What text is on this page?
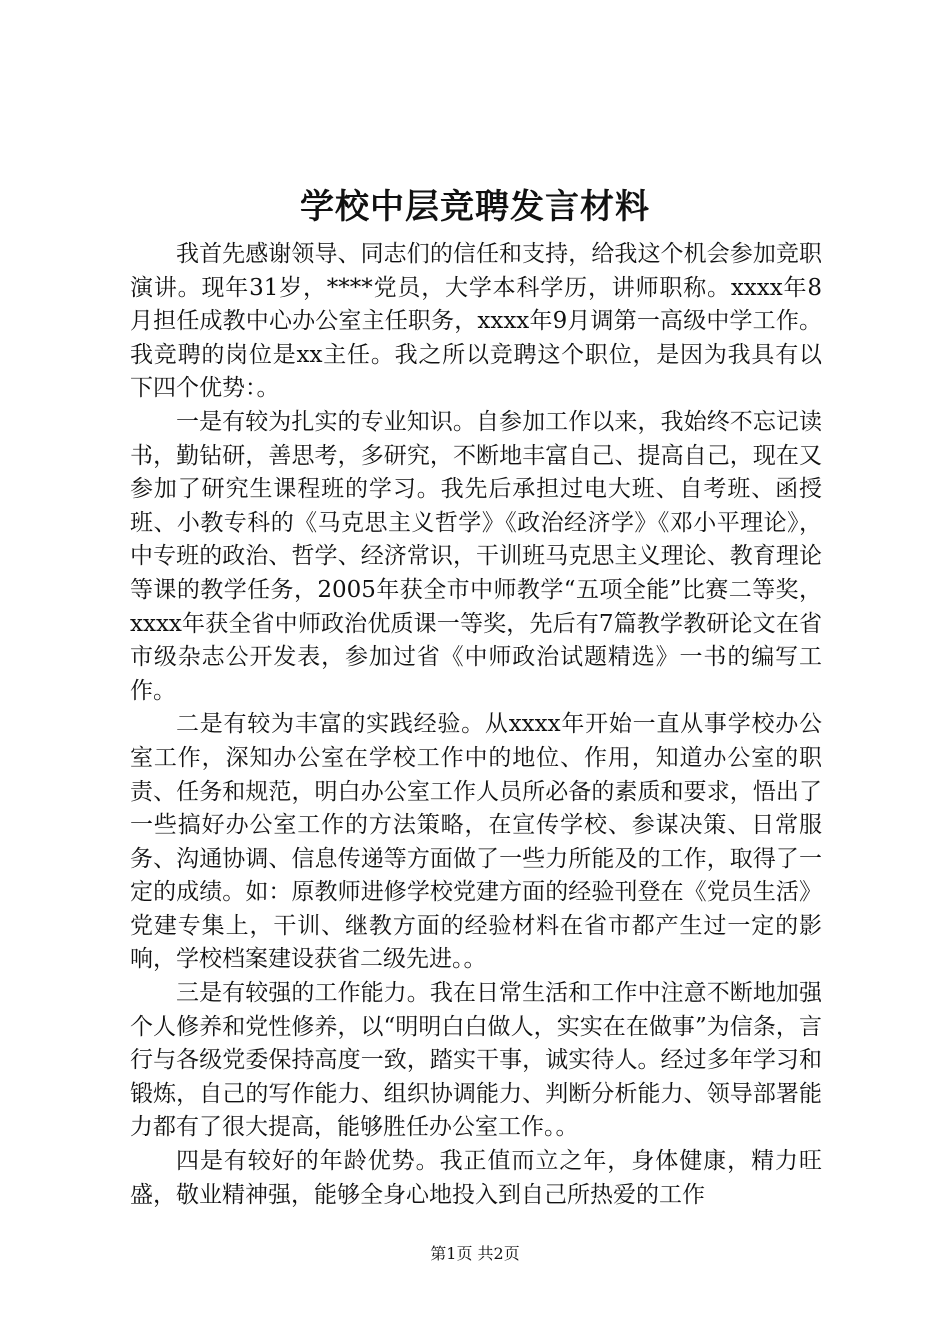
学校中层竞聘发言材料

我首先感谢领导、同志们的信任和支持，给我这个机会参加竞职演讲。现年31岁，****党员，大学本科学历，讲师职称。xxxx年8月担任成教中心办公室主任职务，xxxx年9月调第一高级中学工作。我竞聘的岗位是xx主任。我之所以竞聘这个职位，是因为我具有以下四个优势：。

一是有较为扎实的专业知识。自参加工作以来，我始终不忘记读书，勤钻研，善思考，多研究，不断地丰富自己、提高自己，现在又参加了研究生课程班的学习。我先后承担过电大班、自考班、函授班、小教专科的《马克思主义哲学》《政治经济学》《邓小平理论》，中专班的政治、哲学、经济常识，干训班马克思主义理论、教育理论等课的教学任务，2005年获全市中师教学“五项全能”比赛二等奖，xxxx年获全省中师政治优质课一等奖，先后有7篇教学教研论文在省市级杂志公开发表，参加过省《中师政治试题精选》一书的编写工作。

二是有较为丰富的实践经验。从xxxx年开始一直从事学校办公室工作，深知办公室在学校工作中的地位、作用，知道办公室的职责、任务和规范，明白办公室工作人员所必备的素质和要求，悟出了一些搞好办公室工作的方法策略，在宣传学校、参谋决策、日常服务、沟通协调、信息传递等方面做了一些力所能及的工作，取得了一定的成绩。如：原教师进修学校党建方面的经验刊登在《党员生活》党建专集上，干训、继教方面的经验材料在省市都产生过一定的影响，学校档案建设获省二级先进。。

三是有较强的工作能力。我在日常生活和工作中注意不断地加强个人修养和党性修养，以“明明白白做人，实实在在做事”为信条，言行与各级党委保持高度一致，踏实干事，诚实待人。经过多年学习和锻炼，自己的写作能力、组织协调能力、判断分析能力、领导部署能力都有了很大提高，能够胜任办公室工作。。

四是有较好的年龄优势。我正值而立之年，身体健康，精力旺盛，敬业精神强，能够全身心地投入到自己所热爱的工作

第1页 共2页
